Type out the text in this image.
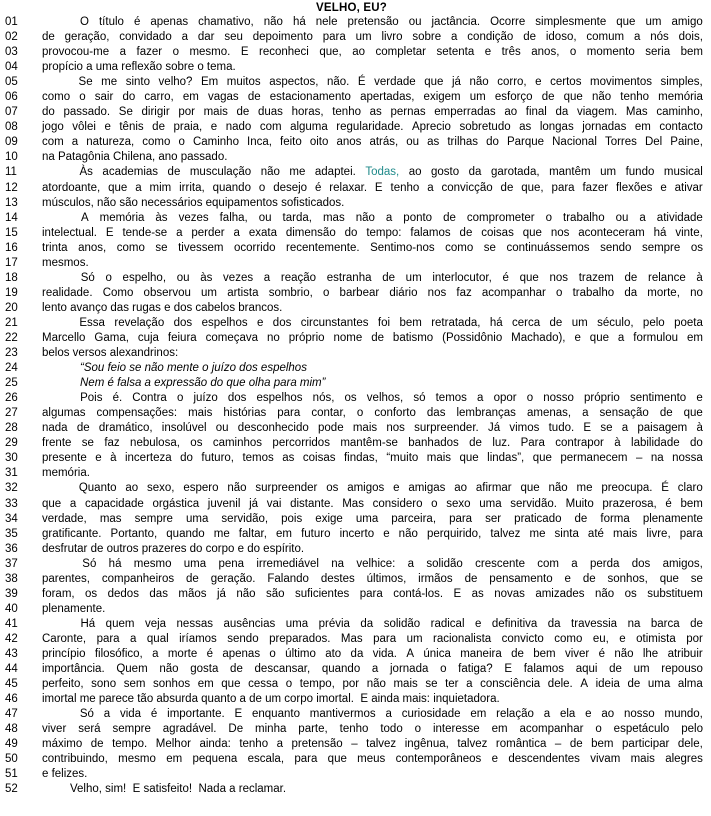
VELHO, EU?
01	O título é apenas chamativo, não há nele pretensão ou jactância. Ocorre simplesmente que um amigo
02	de geração, convidado a dar seu depoimento para um livro sobre a condição de idoso, comum a nós dois,
03	provocou-me a fazer o mesmo. E reconheci que, ao completar setenta e três anos, o momento seria bem
04	propício a uma reflexão sobre o tema.
05	Se me sinto velho? Em muitos aspectos, não. É verdade que já não corro, e certos movimentos simples,
06	como o sair do carro, em vagas de estacionamento apertadas, exigem um esforço de que não tenho memória
07	do passado. Se dirigir por mais de duas horas, tenho as pernas emperradas ao final da viagem. Mas caminho,
08	jogo vôlei e tênis de praia, e nado com alguma regularidade. Aprecio sobretudo as longas jornadas em contacto
09	com a natureza, como o Caminho Inca, feito oito anos atrás, ou as trilhas do Parque Nacional Torres Del Paine,
10	na Patagônia Chilena, ano passado.
11	Às academias de musculação não me adaptei. Todas, ao gosto da garotada, mantêm um fundo musical
12	atordoante, que a mim irrita, quando o desejo é relaxar. E tenho a convicção de que, para fazer flexões e ativar
13	músculos, não são necessários equipamentos sofisticados.
14	A memória às vezes falha, ou tarda, mas não a ponto de comprometer o trabalho ou a atividade
15	intelectual. E tende-se a perder a exata dimensão do tempo: falamos de coisas que nos aconteceram há vinte,
16	trinta anos, como se tivessem ocorrido recentemente. Sentimo-nos como se continuássemos sendo sempre os
17	mesmos.
18	Só o espelho, ou às vezes a reação estranha de um interlocutor, é que nos trazem de relance à
19	realidade. Como observou um artista sombrio, o barbear diário nos faz acompanhar o trabalho da morte, no
20	lento avanço das rugas e dos cabelos brancos.
21	Essa revelação dos espelhos e dos circunstantes foi bem retratada, há cerca de um século, pelo poeta
22	Marcello Gama, cuja feiura começava no próprio nome de batismo (Possidônio Machado), e que a formulou em
23	belos versos alexandrinos:
24	“Sou feio se não mente o juízo dos espelhos
25	Nem é falsa a expressão do que olha para mim”
26	Pois é. Contra o juízo dos espelhos nós, os velhos, só temos a opor o nosso próprio sentimento e
27	algumas compensações: mais histórias para contar, o conforto das lembranças amenas, a sensação de que
28	nada de dramático, insolúvel ou desconhecido pode mais nos surpreender. Já vimos tudo. E se a paisagem à
29	frente se faz nebulosa, os caminhos percorridos mantêm-se banhados de luz. Para contrapor à labilidade do
30	presente e à incerteza do futuro, temos as coisas findas, “muito mais que lindas”, que permanecem – na nossa
31	memória.
32	Quanto ao sexo, espero não surpreender os amigos e amigas ao afirmar que não me preocupa. É claro
33	que a capacidade orgástica juvenil já vai distante. Mas considero o sexo uma servidão. Muito prazerosa, é bem
34	verdade, mas sempre uma servidão, pois exige uma parceira, para ser praticado de forma plenamente
35	gratificante. Portanto, quando me faltar, em futuro incerto e não perquirido, talvez me sinta até mais livre, para
36	desfrutar de outros prazeres do corpo e do espírito.
37	Só há mesmo uma pena irremediável na velhice: a solidão crescente com a perda dos amigos,
38	parentes, companheiros de geração. Falando destes últimos, irmãos de pensamento e de sonhos, que se
39	foram, os dedos das mãos já não são suficientes para contá-los. E as novas amizades não os substituem
40	plenamente.
41	Há quem veja nessas ausências uma prévia da solidão radical e definitiva da travessia na barca de
42	Caronte, para a qual iríamos sendo preparados. Mas para um racionalista convicto como eu, e otimista por
43	princípio filosófico, a morte é apenas o último ato da vida. A única maneira de bem viver é não lhe atribuir
44	importância. Quem não gosta de descansar, quando a jornada o fatiga? E falamos aqui de um repouso
45	perfeito, sono sem sonhos em que cessa o tempo, por não mais se ter a consciência dele. A ideia de uma alma
46	imortal me parece tão absurda quanto a de um corpo imortal.  E ainda mais: inquietadora.
47	Só a vida é importante. E enquanto mantivermos a curiosidade em relação a ela e ao nosso mundo,
48	viver será sempre agradável. De minha parte, tenho todo o interesse em acompanhar o espetáculo pelo
49	máximo de tempo. Melhor ainda: tenho a pretensão – talvez ingênua, talvez romântica – de bem participar dele,
50	contribuindo, mesmo em pequena escala, para que meus contemporâneos e descendentes vivam mais alegres
51	e felizes.
52	Velho, sim!  E satisfeito!  Nada a reclamar.
